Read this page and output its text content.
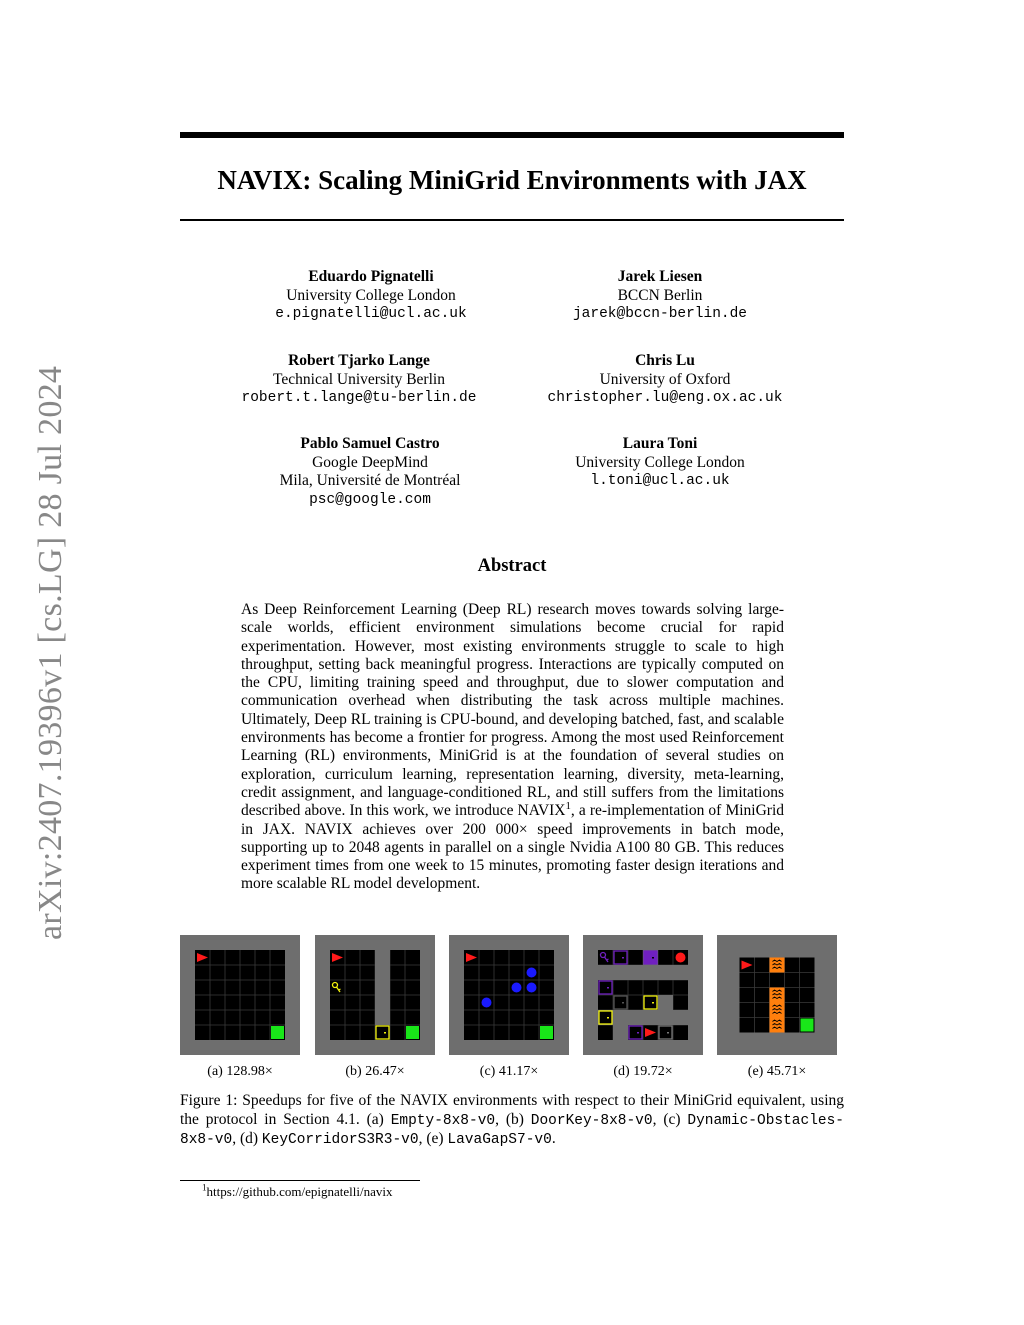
NAVIX: Scaling MiniGrid Environments with JAX
arXiv:2407.19396v1 [cs.LG] 28 Jul 2024
Eduardo Pignatelli
University College London
e.pignatelli@ucl.ac.uk
Jarek Liesen
BCCN Berlin
jarek@bccn-berlin.de
Robert Tjarko Lange
Technical University Berlin
robert.t.lange@tu-berlin.de
Chris Lu
University of Oxford
christopher.lu@eng.ox.ac.uk
Pablo Samuel Castro
Google DeepMind
Mila, Université de Montréal
psc@google.com
Laura Toni
University College London
l.toni@ucl.ac.uk
Abstract
As Deep Reinforcement Learning (Deep RL) research moves towards solving large-scale worlds, efficient environment simulations become crucial for rapid experimentation. However, most existing environments struggle to scale to high throughput, setting back meaningful progress. Interactions are typically computed on the CPU, limiting training speed and throughput, due to slower computation and communication overhead when distributing the task across multiple machines. Ultimately, Deep RL training is CPU-bound, and developing batched, fast, and scalable environments has become a frontier for progress. Among the most used Reinforcement Learning (RL) environments, MiniGrid is at the foundation of several studies on exploration, curriculum learning, representation learning, diversity, meta-learning, credit assignment, and language-conditioned RL, and still suffers from the limitations described above. In this work, we introduce NAVIX$^1$, a re-implementation of MiniGrid in JAX. NAVIX achieves over 200 000× speed improvements in batch mode, supporting up to 2048 agents in parallel on a single Nvidia A100 80 GB. This reduces experiment times from one week to 15 minutes, promoting faster design iterations and more scalable RL model development.
(a) 128.98×	(b) 26.47×	(c) 41.17×	(d) 19.72×	(e) 45.71×
Figure 1: Speedups for five of the NAVIX environments with respect to their MiniGrid equivalent, using the protocol in Section 4.1. (a) Empty-8x8-v0, (b) DoorKey-8x8-v0, (c) Dynamic-Obstacles-8x8-v0, (d) KeyCorridorS3R3-v0, (e) LavaGapS7-v0.
$^1$https://github.com/epignatelli/navix
